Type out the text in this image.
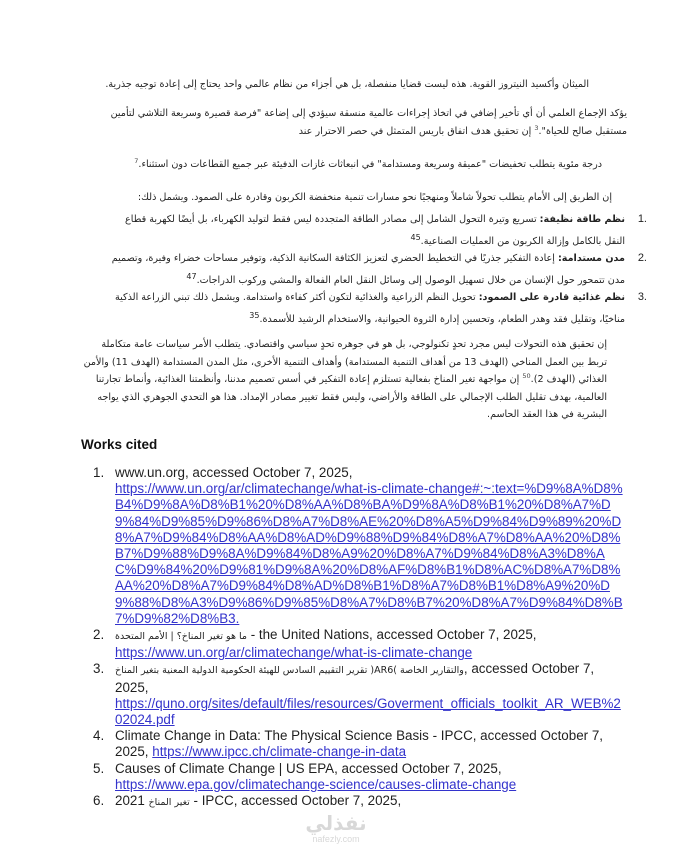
الميثان وأكسيد النيتروز القوية. هذه ليست قضايا منفصلة، بل هي أجزاء من نظام عالمي واحد يحتاج إلى إعادة توجيه جذرية.
يؤكد الإجماع العلمي أن أي تأخير إضافي في اتخاذ إجراءات عالمية منسقة سيؤدي إلى إضاعة "فرصة قصيرة وسريعة التلاشي لتأمين مستقبل صالح للحياة".$^3$ إن تحقيق هدف اتفاق باريس المتمثل في حصر الاحترار عند
درجة مئوية يتطلب تخفيضات "عميقة وسريعة ومستدامة" في انبعاثات غازات الدفيئة عبر جميع القطاعات دون استثناء.$^7$
إن الطريق إلى الأمام يتطلب تحولاً شاملاً ومنهجيًا نحو مسارات تنمية منخفضة الكربون وقادرة على الصمود. ويشمل ذلك:
1.
نظم طاقة نظيفة: تسريع وتيرة التحول الشامل إلى مصادر الطاقة المتجددة ليس فقط لتوليد الكهرباء، بل أيضًا لكهربة قطاع النقل بالكامل وإزالة الكربون من العمليات الصناعية.$^{45}$
2.
مدن مستدامة: إعادة التفكير جذريًا في التخطيط الحضري لتعزيز الكثافة السكانية الذكية، وتوفير مساحات خضراء وفيرة، وتصميم مدن تتمحور حول الإنسان من خلال تسهيل الوصول إلى وسائل النقل العام الفعالة والمشي وركوب الدراجات.$^{47}$
3.
نظم غذائية قادرة على الصمود: تحويل النظم الزراعية والغذائية لتكون أكثر كفاءة واستدامة. ويشمل ذلك تبني الزراعة الذكية مناخيًا، وتقليل فقد وهدر الطعام، وتحسين إدارة الثروة الحيوانية، والاستخدام الرشيد للأسمدة.$^{35}$
إن تحقيق هذه التحولات ليس مجرد تحدٍ تكنولوجي، بل هو في جوهره تحدٍ سياسي واقتصادي. يتطلب الأمر سياسات عامة متكاملة تربط بين العمل المناخي (الهدف 13 من أهداف التنمية المستدامة) وأهداف التنمية الأخرى، مثل المدن المستدامة (الهدف 11) والأمن الغذائي (الهدف 2).$^{50}$ إن مواجهة تغير المناخ بفعالية تستلزم إعادة التفكير في أسس تصميم مدننا، وأنظمتنا الغذائية، وأنماط تجارتنا العالمية، بهدف تقليل الطلب الإجمالي على الطاقة والأراضي، وليس فقط تغيير مصادر الإمداد. هذا هو التحدي الجوهري الذي يواجه البشرية في هذا العقد الحاسم.
Works cited
1. www.un.org, accessed October 7, 2025,
https://www.un.org/ar/climatechange/what-is-climate-change#:~:text=%D9%8A%D8%B4%D9%8A%D8%B1%20%D8%AA%D8%BA%D9%8A%D8%B1%20%D8%A7%D9%84%D9%85%D9%86%D8%A7%D8%AE%20%D8%A5%D9%84%D9%89%20%D8%A7%D9%84%D8%AA%D8%AD%D9%88%D9%84%D8%A7%D8%AA%20%D8%B7%D9%88%D9%8A%D9%84%D8%A9%20%D8%A7%D9%84%D8%A3%D8%AC%D9%84%20%D9%81%D9%8A%20%D8%AF%D8%B1%D8%AC%D8%A7%D8%AA%20%D8%A7%D9%84%D8%AD%D8%B1%D8%A7%D8%B1%D8%A9%20%D9%88%D8%A3%D9%86%D9%85%D8%A7%D8%B7%20%D8%A7%D9%84%D8%B7%D9%82%D8%B3.
2. ما هو تغير المناخ؟ | الأمم المتحدة - the United Nations, accessed October 7, 2025,
https://www.un.org/ar/climatechange/what-is-climate-change
3. والتقارير الخاصة )AR6( تقرير التقييم السادس للهيئة الحكومية الدولية المعنية بتغير المناخ, accessed October 7, 2025,
https://quno.org/sites/default/files/resources/Goverment_officials_toolkit_AR_WEB%202024.pdf
4. Climate Change in Data: The Physical Science Basis - IPCC, accessed October 7, 2025, https://www.ipcc.ch/climate-change-in-data
5. Causes of Climate Change | US EPA, accessed October 7, 2025,
https://www.epa.gov/climatechange-science/causes-climate-change
6. 2021 تغير المناخ - IPCC, accessed October 7, 2025,
نفذلي
nafezly.com
